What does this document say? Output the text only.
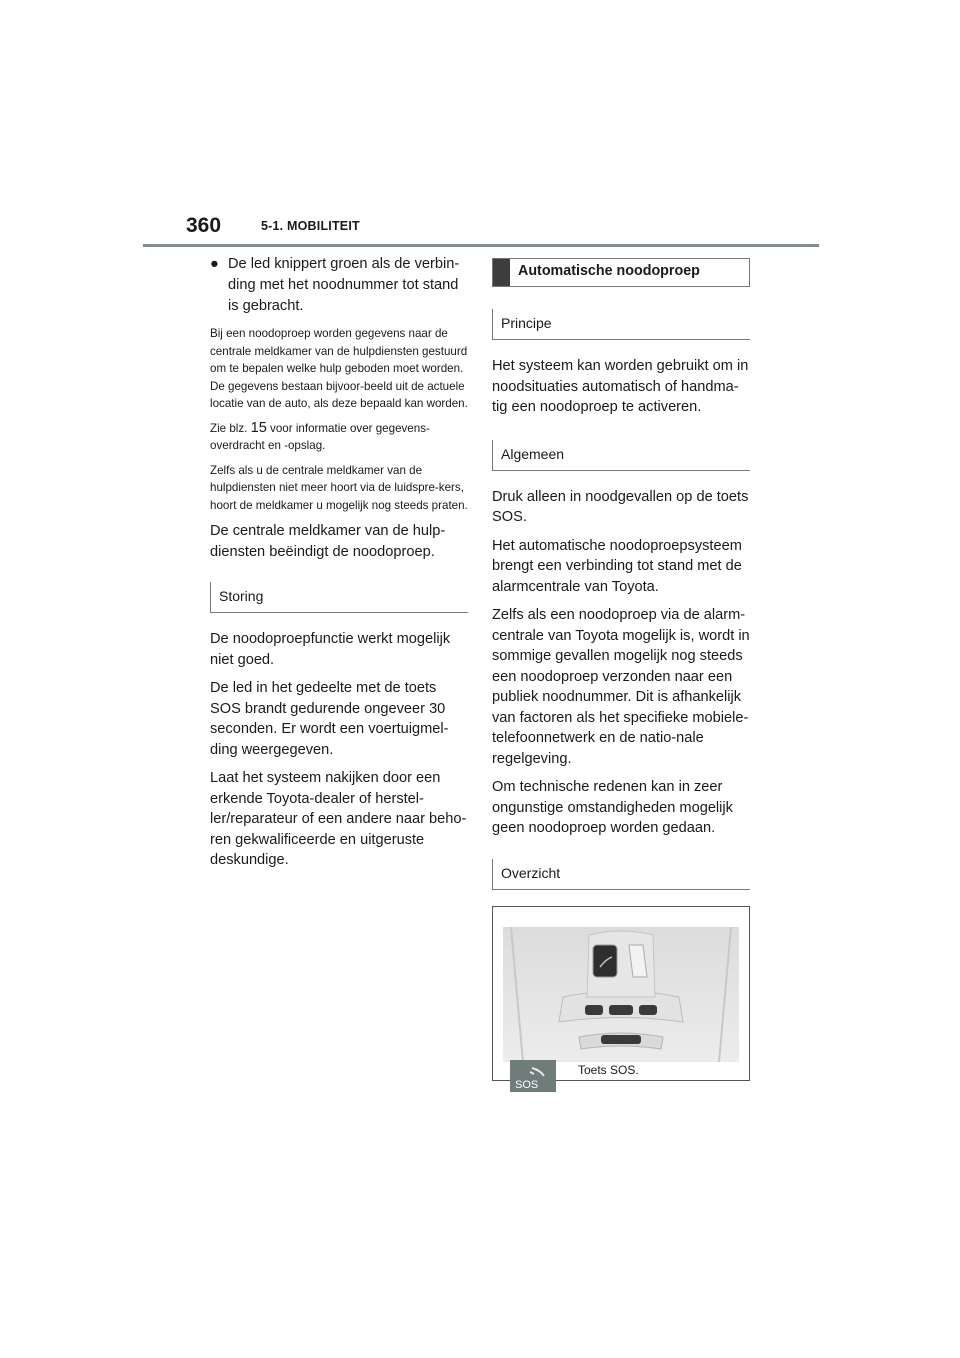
360	5-1. MOBILITEIT
● De led knippert groen als de verbin-ding met het noodnummer tot stand is gebracht.

Bij een noodoproep worden gegevens naar de centrale meldkamer van de hulpdiensten gestuurd om te bepalen welke hulp geboden moet worden. De gegevens bestaan bijvoor-beeld uit de actuele locatie van de auto, als deze bepaald kan worden.

Zie blz. 15 voor informatie over gegevens-overdracht en -opslag.

Zelfs als u de centrale meldkamer van de hulpdiensten niet meer hoort via de luidspre-kers, hoort de meldkamer u mogelijk nog steeds praten.

De centrale meldkamer van de hulp-diensten beëindigt de noodoproep.

Storing

De noodoproepfunctie werkt mogelijk niet goed.

De led in het gedeelte met de toets SOS brandt gedurende ongeveer 30 seconden. Er wordt een voertuigmel-ding weergegeven.

Laat het systeem nakijken door een erkende Toyota-dealer of herstel-ler/reparateur of een andere naar beho-ren gekwalificeerde en uitgeruste deskundige.

Automatische noodoproep
Principe

Het systeem kan worden gebruikt om in noodsituaties automatisch of handma-tig een noodoproep te activeren.

Algemeen

Druk alleen in noodgevallen op de toets SOS.

Het automatische noodoproepsysteem brengt een verbinding tot stand met de alarmcentrale van Toyota.

Zelfs als een noodoproep via de alarm-centrale van Toyota mogelijk is, wordt in sommige gevallen mogelijk nog steeds een noodoproep verzonden naar een publiek noodnummer. Dit is afhankelijk van factoren als het specifieke mobiele-telefoonnetwerk en de natio-nale regelgeving.

Om technische redenen kan in zeer ongunstige omstandigheden mogelijk geen noodoproep worden gedaan.

Overzicht
SOS
Toets SOS.
